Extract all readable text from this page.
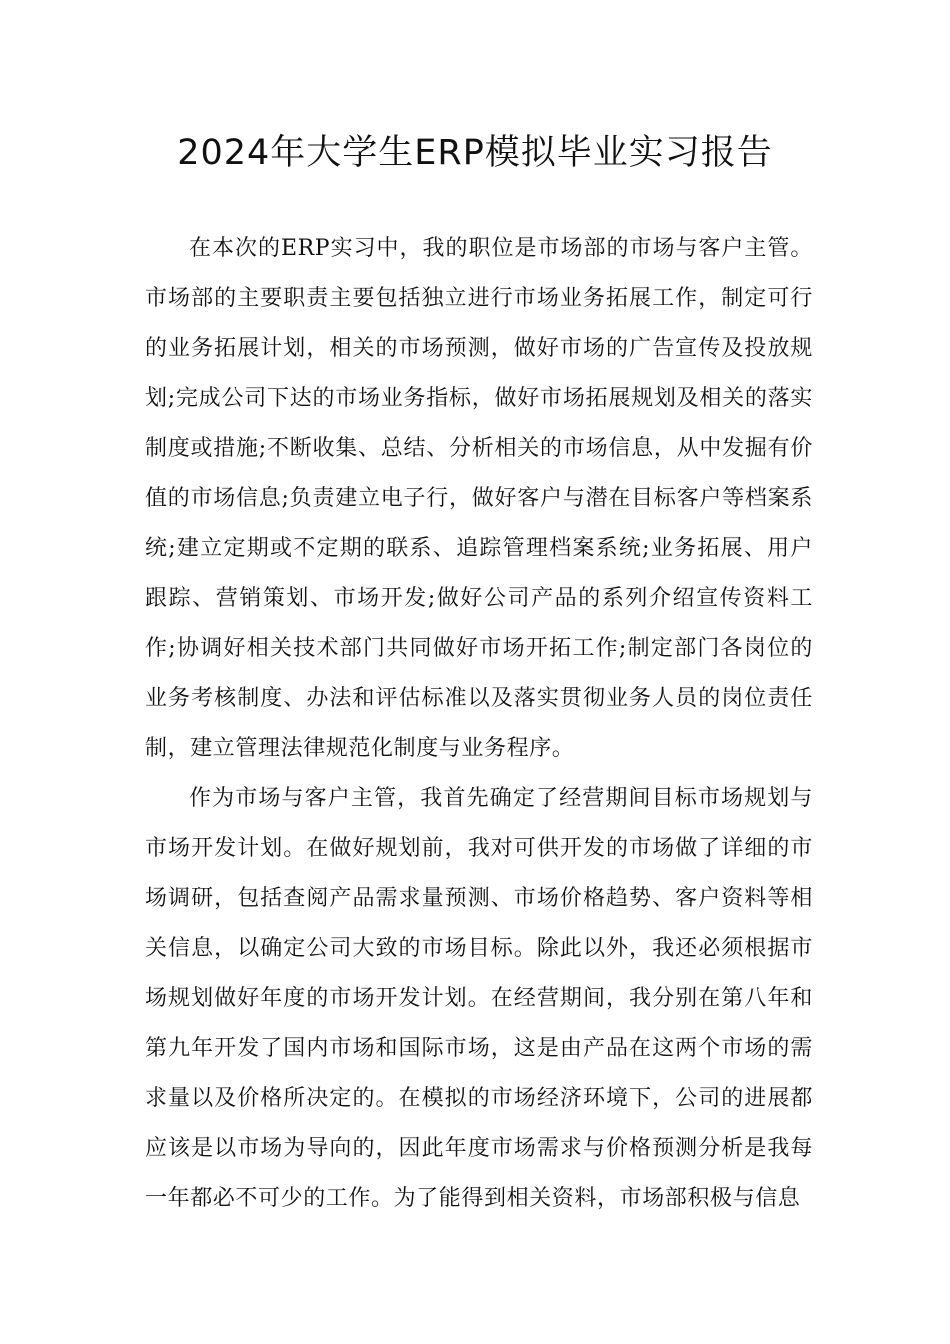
2024年大学生ERP模拟毕业实习报告

在本次的ERP实习中，我的职位是市场部的市场与客户主管。市场部的主要职责主要包括独立进行市场业务拓展工作，制定可行的业务拓展计划，相关的市场预测，做好市场的广告宣传及投放规划;完成公司下达的市场业务指标，做好市场拓展规划及相关的落实制度或措施;不断收集、总结、分析相关的市场信息，从中发掘有价值的市场信息;负责建立电子行，做好客户与潜在目标客户等档案系统;建立定期或不定期的联系、追踪管理档案系统;业务拓展、用户跟踪、营销策划、市场开发;做好公司产品的系列介绍宣传资料工作;协调好相关技术部门共同做好市场开拓工作;制定部门各岗位的业务考核制度、办法和评估标准以及落实贯彻业务人员的岗位责任制，建立管理法律规范化制度与业务程序。

作为市场与客户主管，我首先确定了经营期间目标市场规划与市场开发计划。在做好规划前，我对可供开发的市场做了详细的市场调研，包括查阅产品需求量预测、市场价格趋势、客户资料等相关信息，以确定公司大致的市场目标。除此以外，我还必须根据市场规划做好年度的市场开发计划。在经营期间，我分别在第八年和第九年开发了国内市场和国际市场，这是由产品在这两个市场的需求量以及价格所决定的。在模拟的市场经济环境下，公司的进展都应该是以市场为导向的，因此年度市场需求与价格预测分析是我每一年都必不可少的工作。为了能得到相关资料，市场部积极与信息
